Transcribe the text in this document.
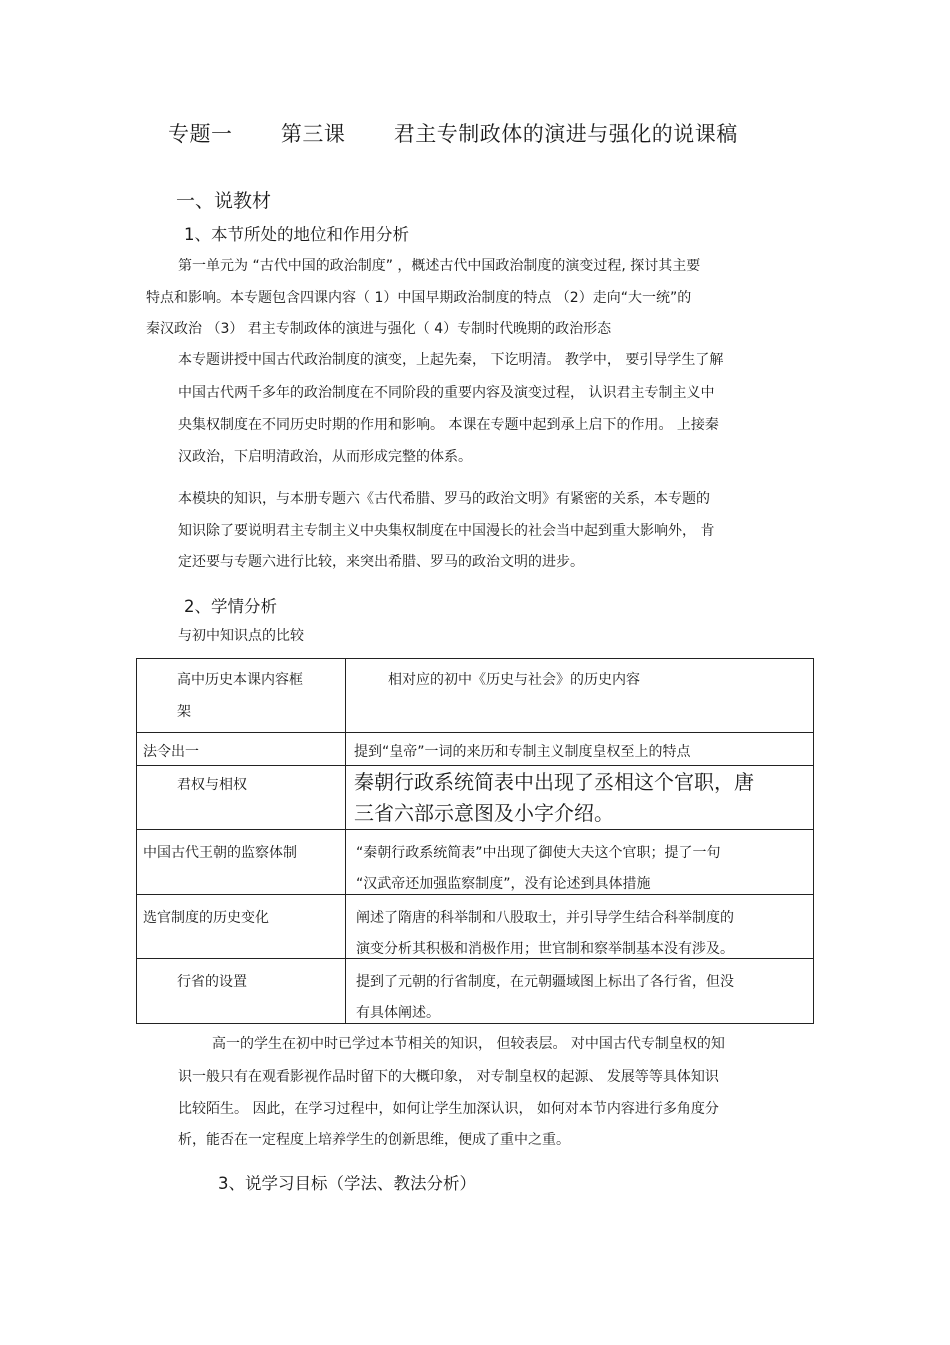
专题一 第三课 君主专制政体的演进与强化的说课稿
一、说教材
1、本节所处的地位和作用分析
第一单元为 “古代中国的政治制度” ，概述古代中国政治制度的演变过程, 探讨其主要
特点和影响。本专题包含四课内容（ 1）中国早期政治制度的特点 （2）走向“大一统”的
秦汉政治 （3） 君主专制政体的演进与强化（ 4）专制时代晚期的政治形态
本专题讲授中国古代政治制度的演变，上起先秦， 下讫明清。 教学中， 要引导学生了解
中国古代两千多年的政治制度在不同阶段的重要内容及演变过程， 认识君主专制主义中
央集权制度在不同历史时期的作用和影响。 本课在专题中起到承上启下的作用。 上接秦
汉政治，下启明清政治，从而形成完整的体系。
本模块的知识，与本册专题六《古代希腊、罗马的政治文明》有紧密的关系，本专题的
知识除了要说明君主专制主义中央集权制度在中国漫长的社会当中起到重大影响外， 肯
定还要与专题六进行比较，来突出希腊、罗马的政治文明的进步。
2、学情分析
与初中知识点的比较
高中历史本课内容框
架	相对应的初中《历史与社会》的历史内容

法令出一	提到“皇帝”一词的来历和专制主义制度皇权至上的特点

君权与相权	秦朝行政系统简表中出现了丞相这个官职，唐
三省六部示意图及小字介绍。

中国古代王朝的监察体制	“秦朝行政系统简表”中出现了御使大夫这个官职；提了一句
“汉武帝还加强监察制度”，没有论述到具体措施

选官制度的历史变化	阐述了隋唐的科举制和八股取士，并引导学生结合科举制度的
演变分析其积极和消极作用；世官制和察举制基本没有涉及。

行省的设置	提到了元朝的行省制度，在元朝疆域图上标出了各行省，但没
有具体阐述。
高一的学生在初中时已学过本节相关的知识， 但较表层。 对中国古代专制皇权的知
识一般只有在观看影视作品时留下的大概印象， 对专制皇权的起源、 发展等等具体知识
比较陌生。 因此，在学习过程中，如何让学生加深认识， 如何对本节内容进行多角度分
析，能否在一定程度上培养学生的创新思维，便成了重中之重。
3、说学习目标（学法、教法分析）
